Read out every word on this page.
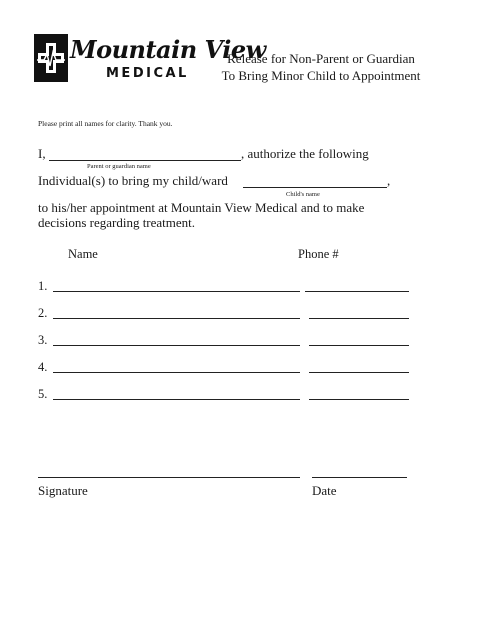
Mountain View
MEDICAL
Release for Non-Parent or Guardian
To Bring Minor Child to Appointment
Please print all names for clarity. Thank you.
I,	, authorize the following
Parent or guardian name
Individual(s) to bring my child/ward	,
Child's name
to his/her appointment at Mountain View Medical and to make
decisions regarding treatment.
Name	Phone #
1.
2.
3.
4.
5.
Signature	Date
